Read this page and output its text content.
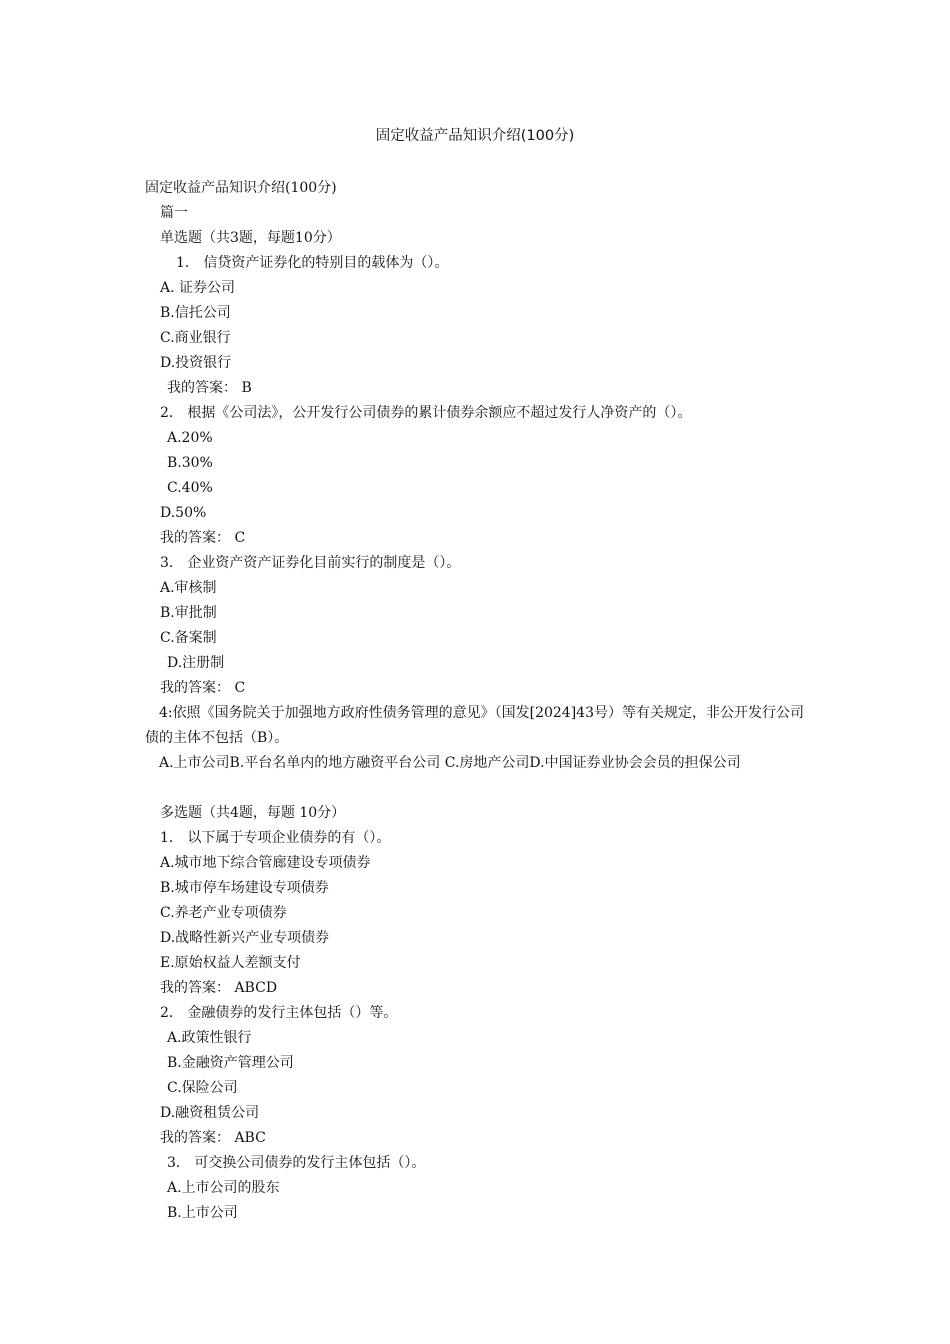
固定收益产品知识介绍(100分)
固定收益产品知识介绍(100分)
篇一
单选题（共3题，每题10分）
1． 信贷资产证券化的特别目的载体为（）。
A. 证券公司
B.信托公司
C.商业银行
D.投资银行
我的答案： B
2． 根据《公司法》，公开发行公司债券的累计债券余额应不超过发行人净资产的（）。
A.20%
B.30%
C.40%
D.50%
我的答案： C
3． 企业资产资产证券化目前实行的制度是（）。
A.审核制
B.审批制
C.备案制
D.注册制
我的答案： C
4:依照《国务院关于加强地方政府性债务管理的意见》（国发[2024]43号）等有关规定，非公开发行公司债的主体不包括（B）。
A.上市公司B.平台名单内的地方融资平台公司 C.房地产公司D.中国证券业协会会员的担保公司
多选题（共4题，每题 10分）
1． 以下属于专项企业债券的有（）。
A.城市地下综合管廊建设专项债券
B.城市停车场建设专项债券
C.养老产业专项债券
D.战略性新兴产业专项债券
E.原始权益人差额支付
我的答案： ABCD
2． 金融债券的发行主体包括（）等。
A.政策性银行
B.金融资产管理公司
C.保险公司
D.融资租赁公司
我的答案： ABC
3． 可交换公司债券的发行主体包括（）。
A.上市公司的股东
B.上市公司
